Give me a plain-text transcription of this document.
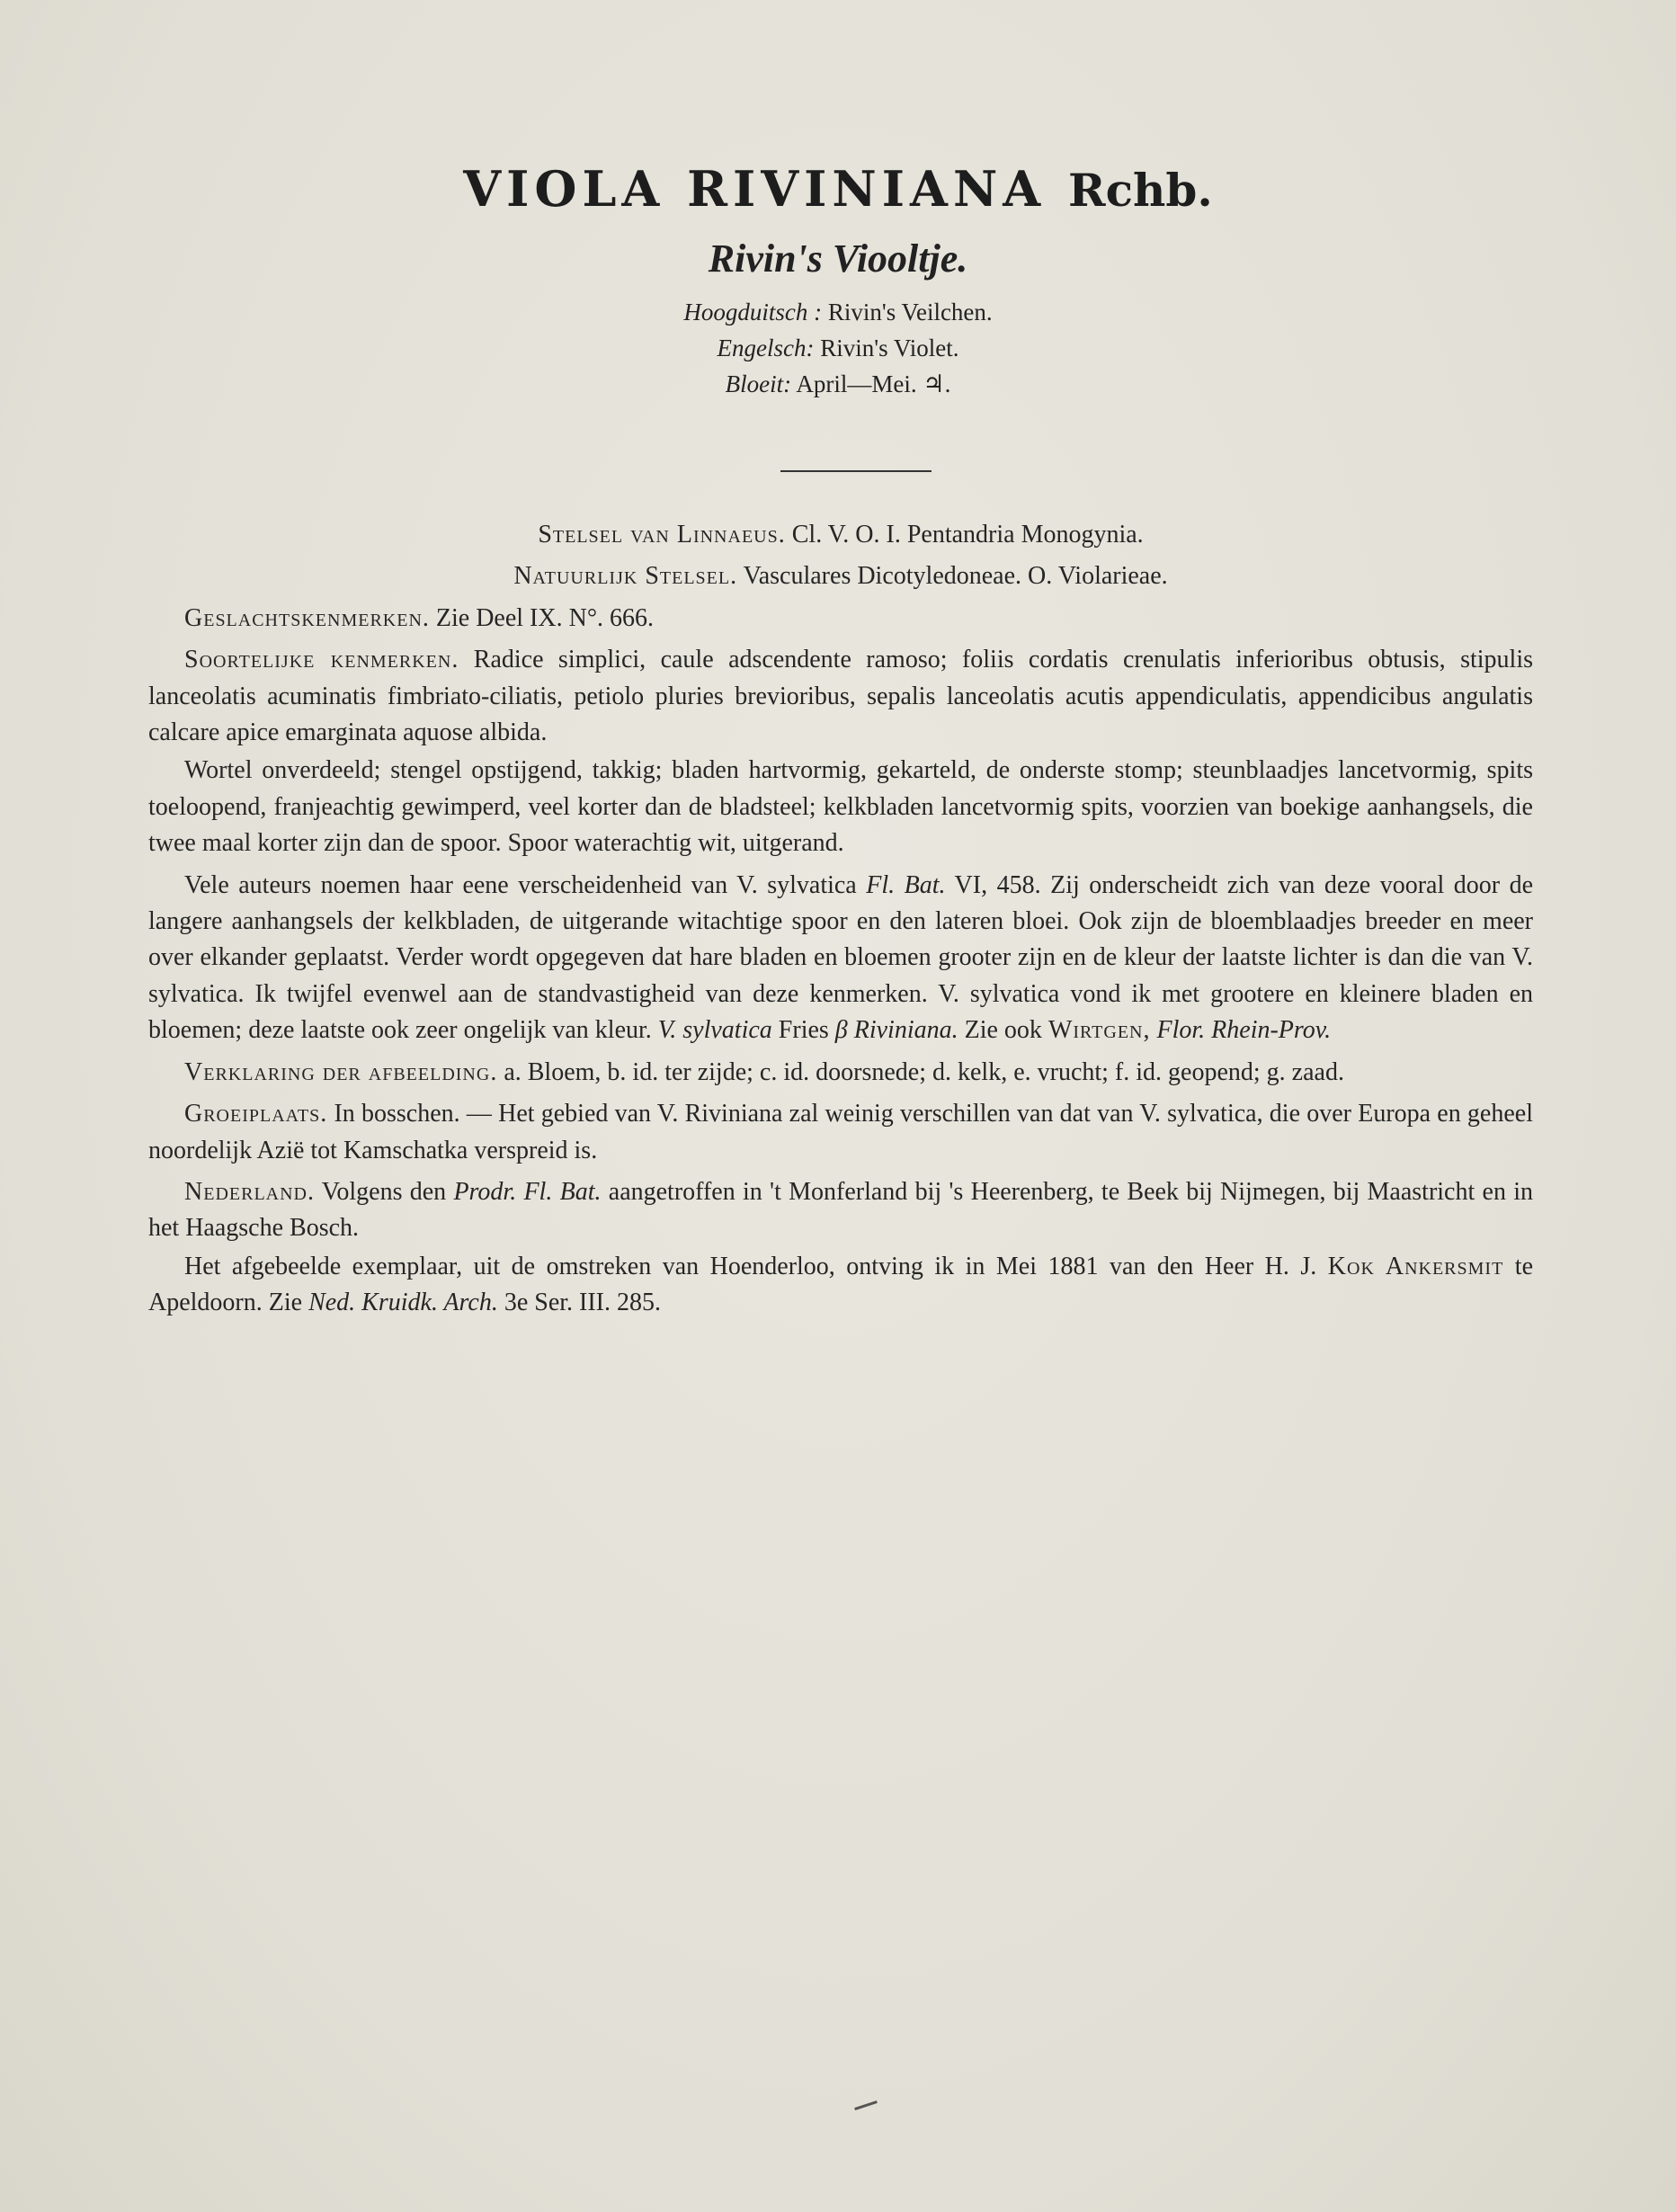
VIOLA RIVINIANA Rchb.
Rivin's Viooltje.
Hoogduitsch : Rivin's Veilchen.
Engelsch: Rivin's Violet.
Bloeit: April—Mei. ♃.

Stelsel van Linnaeus. Cl. V. O. I. Pentandria Monogynia.

Natuurlijk Stelsel. Vasculares Dicotyledoneae. O. Violarieae.

Geslachtskenmerken. Zie Deel IX. N°. 666.

Soortelijke kenmerken. Radice simplici, caule adscendente ramoso; foliis cordatis crenulatis inferioribus obtusis, stipulis lanceolatis acuminatis fimbriato-ciliatis, petiolo pluries brevioribus, sepalis lanceolatis acutis appendiculatis, appendicibus angulatis calcare apice emarginata aquose albida.

Wortel onverdeeld; stengel opstijgend, takkig; bladen hartvormig, gekarteld, de onderste stomp; steunblaadjes lancetvormig, spits toeloopend, franjeachtig gewimperd, veel korter dan de bladsteel; kelkbladen lancetvormig spits, voorzien van boekige aanhangsels, die twee maal korter zijn dan de spoor. Spoor waterachtig wit, uitgerand.

Vele auteurs noemen haar eene verscheidenheid van V. sylvatica Fl. Bat. VI, 458. Zij onderscheidt zich van deze vooral door de langere aanhangsels der kelkbladen, de uitgerande witachtige spoor en den lateren bloei. Ook zijn de bloemblaadjes breeder en meer over elkander geplaatst. Verder wordt opgegeven dat hare bladen en bloemen grooter zijn en de kleur der laatste lichter is dan die van V. sylvatica. Ik twijfel evenwel aan de standvastigheid van deze kenmerken. V. sylvatica vond ik met grootere en kleinere bladen en bloemen; deze laatste ook zeer ongelijk van kleur. V. sylvatica Fries β Riviniana. Zie ook Wirtgen, Flor. Rhein-Prov.

Verklaring der afbeelding. a. Bloem, b. id. ter zijde; c. id. doorsnede; d. kelk, e. vrucht; f. id. geopend; g. zaad.

Groeiplaats. In bosschen. — Het gebied van V. Riviniana zal weinig verschillen van dat van V. sylvatica, die over Europa en geheel noordelijk Azië tot Kamschatka verspreid is.

Nederland. Volgens den Prodr. Fl. Bat. aangetroffen in 't Monferland bij 's Heerenberg, te Beek bij Nijmegen, bij Maastricht en in het Haagsche Bosch.

Het afgebeelde exemplaar, uit de omstreken van Hoenderloo, ontving ik in Mei 1881 van den Heer H. J. Kok Ankersmit te Apeldoorn. Zie Ned. Kruidk. Arch. 3e Ser. III. 285.
